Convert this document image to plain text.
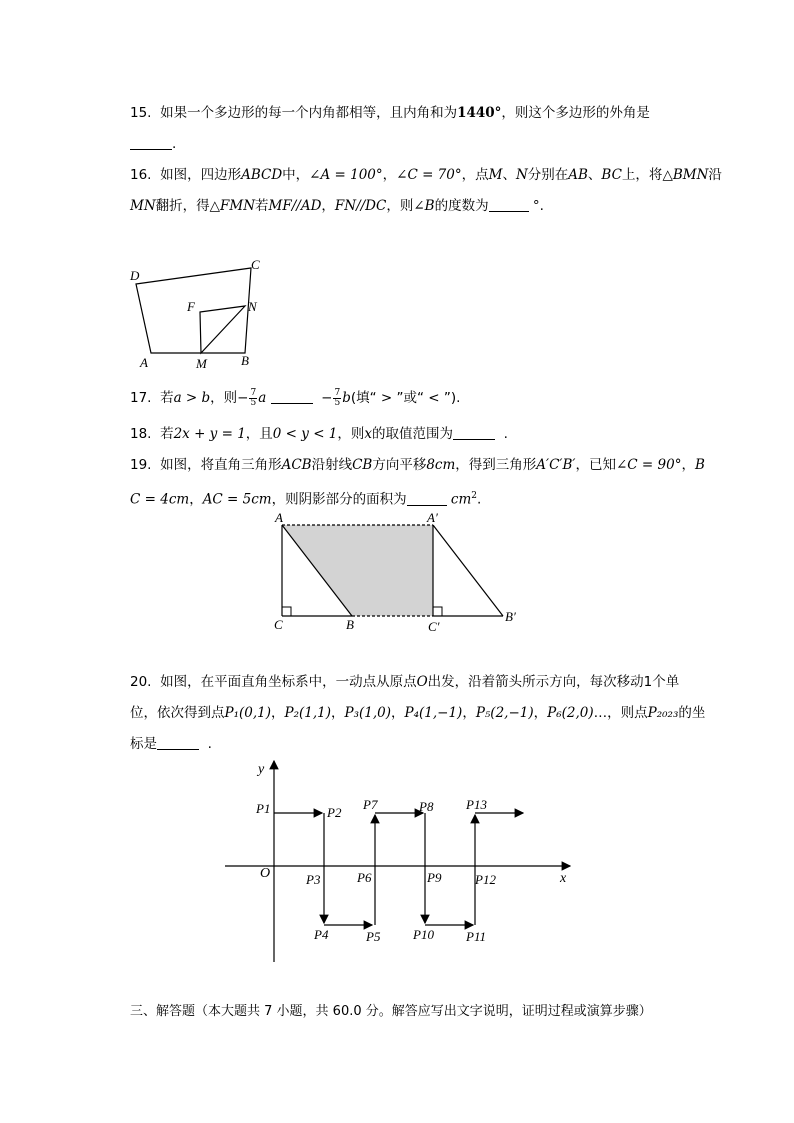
15. 如果一个多边形的每一个内角都相等，且内角和为1440°，则这个多边形的外角是
.
16. 如图，四边形ABCD中，∠A = 100°，∠C = 70°，点M、N分别在AB、BC上，将△BMN沿
MN翻折，得△FMN若MF//AD，FN//DC，则∠B的度数为	°.
D
C
F	N
A	M	B
17. 若a > b，则− $\frac{7}{5}$ a	− $\frac{7}{5} b$(填“ > ”或“ < ”).
18. 若2x + y = 1，且0 < y < 1，则x的取值范围为	.
19. 如图，将直角三角形ACB沿射线CB方向平移8cm，得到三角形A′C′B′，已知∠C = 90°，B
C = 4cm，AC = 5cm，则阴影部分的面积为	$cm^2$.
A	A′
C	B	C′
B′
20. 如图，在平面直角坐标系中，一动点从原点O出发，沿着箭头所示方向，每次移动1个单
位，依次得到点P₁(0,1)，P₂(1,1)，P₃(1,0)，P₄(1,−1)，P₅(2,−1)，P₆(2,0)…，则点P₂₀₂₃的坐
标是	.
y
x
O
P1	P2
P3
P4	P5
P6
P7	P8
P9
P10 P11
P12
P13
三、解答题（本大题共 7 小题，共 60.0 分。解答应写出文字说明，证明过程或演算步骤）
